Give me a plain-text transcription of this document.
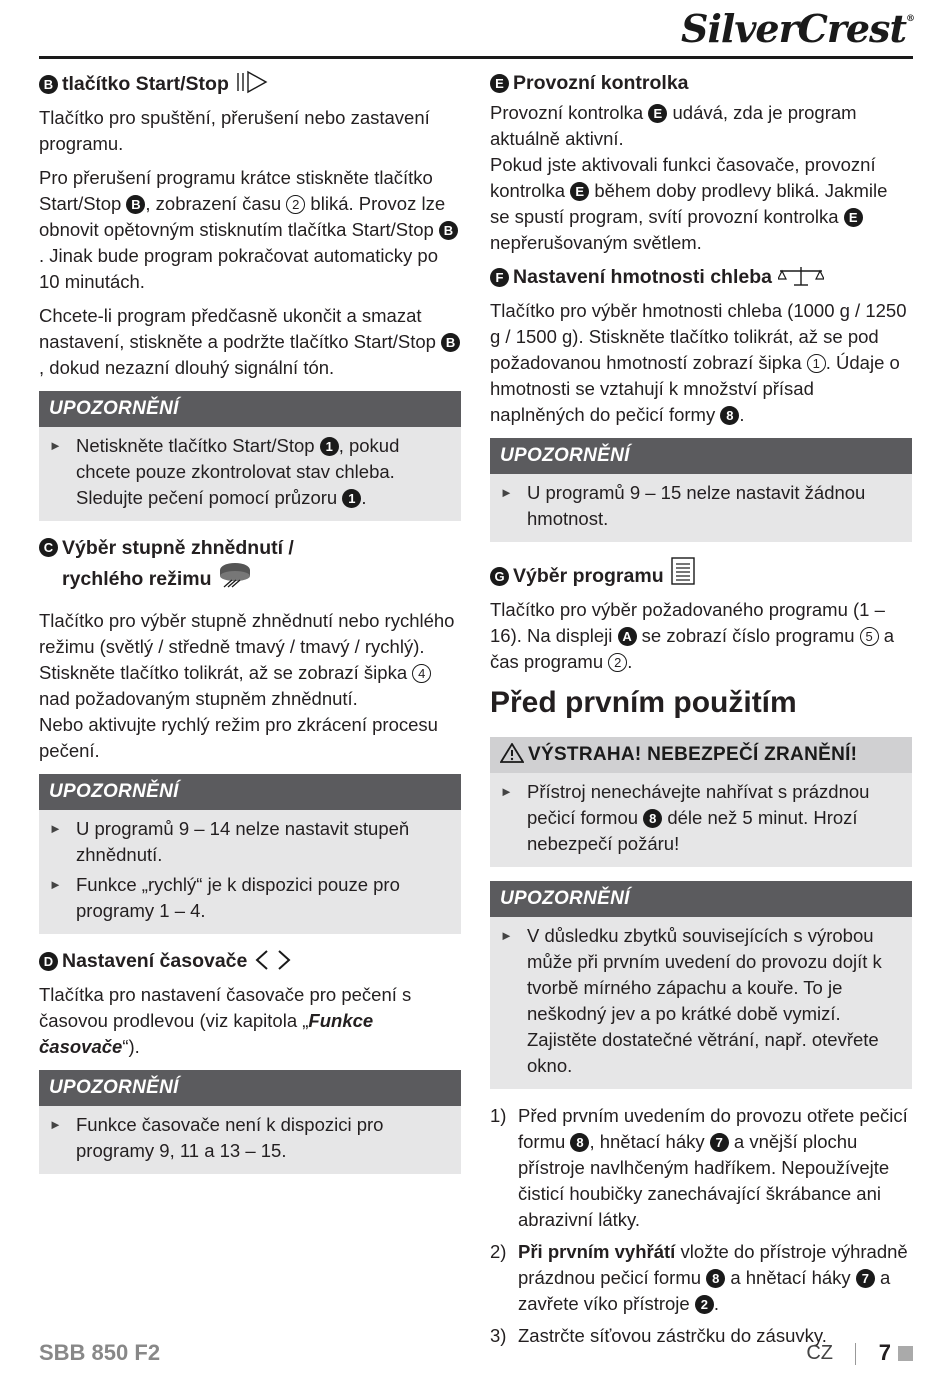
SilverCrest®
B tlačítko Start/Stop

Tlačítko pro spuštění, přerušení nebo zastavení programu.

Pro přerušení programu krátce stiskněte tlačítko Start/Stop B , zobrazení času 2 bliká. Provoz lze obnovit opětovným stisknutím tlačítka Start/Stop B. Jinak bude program pokračovat automaticky po 10 minutách.

Chcete-li program předčasně ukončit a smazat nastavení, stiskněte a podržte tlačítko Start/Stop B, dokud nezazní dlouhý signální tón.

UPOZORNĚNÍ
► Netiskněte tlačítko Start/Stop 1 , pokud chcete pouze zkontrolovat stav chleba. Sledujte pečení pomocí průzoru 1 .
C Výběr stupně zhnědnutí /
rychlého režimu

Tlačítko pro výběr stupně zhnědnutí nebo rychlého režimu (světlý / středně tmavý / tmavý / rychlý). Stiskněte tlačítko tolikrát, až se zobrazí šipka 4 nad požadovaným stupněm zhnědnutí.

Nebo aktivujte rychlý režim pro zkrácení procesu pečení.

UPOZORNĚNÍ
► U programů 9 – 14 nelze nastavit stupeň zhnědnutí.
► Funkce „rychlý“ je k dispozici pouze pro programy 1 – 4.
D Nastavení časovače

Tlačítka pro nastavení časovače pro pečení s časovou prodlevou (viz kapitola „Funkce časovače“).

UPOZORNĚNÍ
► Funkce časovače není k dispozici pro programy 9, 11 a 13 – 15.
E Provozní kontrolka

Provozní kontrolka E udává, zda je program aktuálně aktivní.

Pokud jste aktivovali funkci časovače, provozní kontrolka E během doby prodlevy bliká. Jakmile se spustí program, svítí provozní kontrolka E nepřerušovaným světlem.

F Nastavení hmotnosti chleba

Tlačítko pro výběr hmotnosti chleba (1000 g / 1250 g / 1500 g). Stiskněte tlačítko tolikrát, až se pod požadovanou hmotností zobrazí šipka 1 . Údaje o hmotnosti se vztahují k množství přísad naplněných do pečicí formy 8 .

UPOZORNĚNÍ
► U programů 9 – 15 nelze nastavit žádnou hmotnost.
G Výběr programu

Tlačítko pro výběr požadovaného programu (1 – 16). Na displeji A se zobrazí číslo programu 5 a čas programu 2 .

Před prvním použitím
VÝSTRAHA! NEBEZPEČÍ ZRANĚNÍ!
► Přístroj nenechávejte nahřívat s prázdnou pečicí formou 8 déle než 5 minut. Hrozí nebezpečí požáru!
UPOZORNĚNÍ
► V důsledku zbytků souvisejících s výrobou může při prvním uvedení do provozu dojít k tvorbě mírného zápachu a kouře. To je neškodný jev a po krátké době vymizí. Zajistěte dostatečné větrání, např. otevřete okno.
1) Před prvním uvedením do provozu otřete pečicí formu 8 , hnětací háky 7 a vnější plochu přístroje navlhčeným hadříkem. Nepoužívejte čisticí houbičky zanechávající škrábance ani abrazivní látky.
2) Při prvním vyhřátí vložte do přístroje výhradně prázdnou pečicí formu 8 a hnětací háky 7 a zavřete víko přístroje 2 .
3) Zastrčte síťovou zástrčku do zásuvky.
SBB 850 F2	CZ 7
